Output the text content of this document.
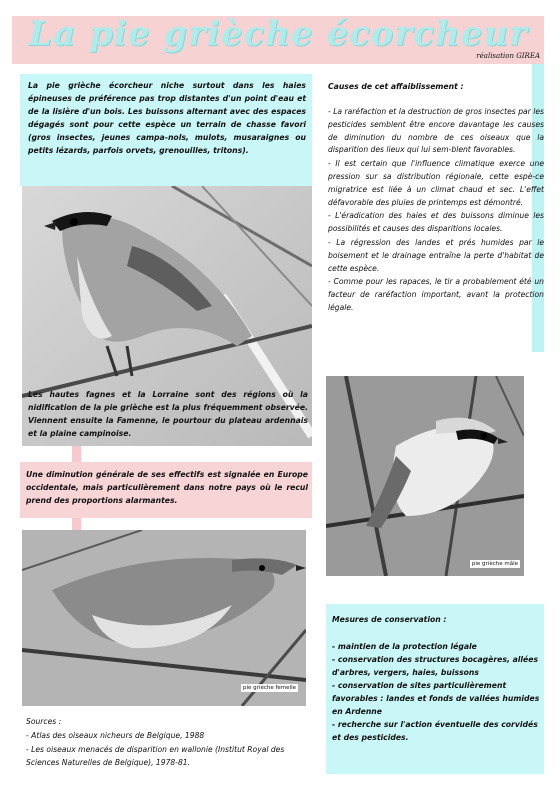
La pie grièche écorcheur
réalisation GIREA
La pie grièche écorcheur niche surtout dans les haies épineuses de préférence pas trop distantes d'un point d'eau et de la lisière d'un bois. Les buissons alternant avec des espaces dégagés sont pour cette espèce un terrain de chasse favori (gros insectes, jeunes campa-nols, mulots, musaraignes ou petits lézards, parfois orvets, grenouilles, tritons).
Les hautes fagnes et la Lorraine sont des régions où la nidification de la pie grièche est la plus fréquemment observée. Viennent ensuite la Famenne, le pourtour du plateau ardennais et la plaine campinoise.
Une diminution générale de ses effectifs est signalée en Europe occidentale, mais particulièrement dans notre pays où le recul prend des proportions alarmantes.
Causes de cet affaiblissement :
- La raréfaction et la destruction de gros insectes par les pesticides semblent être encore davantage les causes de diminution du nombre de ces oiseaux que la disparition des lieux qui lui sem-blent favorables.
- Il est certain que l'influence climatique exerce une pression sur sa distribution régionale, cette espè-ce migratrice est liée à un climat chaud et sec. L'effet défavorable des pluies de printemps est démontré.
- L'éradication des haies et des buissons diminue les possibilités et causes des disparitions locales.
- La régression des landes et prés humides par le boisement et le drainage entraîne la perte d'habitat de cette espèce.
- Comme pour les rapaces, le tir a probablement été un facteur de raréfaction important, avant la protection légale.
pie grièche mâle
pie grièche femelle
Mesures de conservation :
- maintien de la protection légale
- conservation des structures bocagères, allées d'arbres, vergers, haies, buissons
- conservation de sites particulièrement favorables : landes et fonds de vallées humides en Ardenne
- recherche sur l'action éventuelle des corvidés et des pesticides.
Sources :
- Atlas des oiseaux nicheurs de Belgique, 1988
- Les oiseaux menacés de disparition en wallonie (Institut Royal des Sciences Naturelles de Belgique), 1978-81.
